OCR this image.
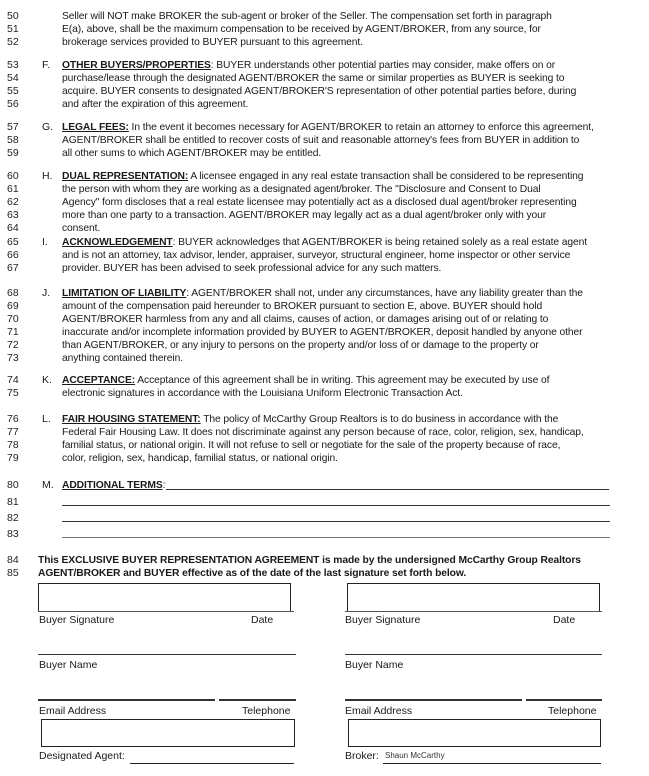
50	Seller will NOT make BROKER the sub-agent or broker of the Seller. The compensation set forth in paragraph
51	E(a), above, shall be the maximum compensation to be received by AGENT/BROKER, from any source, for
52	brokerage services provided to BUYER pursuant to this agreement.
53 F. OTHER BUYERS/PROPERTIES: BUYER understands other potential parties may consider, make offers on or
54	purchase/lease through the designated AGENT/BROKER the same or similar properties as BUYER is seeking to
55	acquire. BUYER consents to designated AGENT/BROKER'S representation of other potential parties before, during
56	and after the expiration of this agreement.
57 G. LEGAL FEES: In the event it becomes necessary for AGENT/BROKER to retain an attorney to enforce this agreement,
58	AGENT/BROKER shall be entitled to recover costs of suit and reasonable attorney's fees from BUYER in addition to
59	all other sums to which AGENT/BROKER may be entitled.
60 H. DUAL REPRESENTATION: A licensee engaged in any real estate transaction shall be considered to be representing
61	the person with whom they are working as a designated agent/broker. The "Disclosure and Consent to Dual
62	Agency" form discloses that a real estate licensee may potentially act as a disclosed dual agent/broker representing
63	more than one party to a transaction. AGENT/BROKER may legally act as a dual agent/broker only with your
64	consent.
65 I. ACKNOWLEDGEMENT: BUYER acknowledges that AGENT/BROKER is being retained solely as a real estate agent
66	and is not an attorney, tax advisor, lender, appraiser, surveyor, structural engineer, home inspector or other service
67	provider. BUYER has been advised to seek professional advice for any such matters.
68 J. LIMITATION OF LIABILITY: AGENT/BROKER shall not, under any circumstances, have any liability greater than the
69	amount of the compensation paid hereunder to BROKER pursuant to section E, above. BUYER should hold
70	AGENT/BROKER harmless from any and all claims, causes of action, or damages arising out of or relating to
71	inaccurate and/or incomplete information provided by BUYER to AGENT/BROKER, deposit handled by anyone other
72	than AGENT/BROKER, or any injury to persons on the property and/or loss of or damage to the property or
73	anything contained therein.
74 K. ACCEPTANCE: Acceptance of this agreement shall be in writing. This agreement may be executed by use of
75	electronic signatures in accordance with the Louisiana Uniform Electronic Transaction Act.
76 L. FAIR HOUSING STATEMENT: The policy of McCarthy Group Realtors is to do business in accordance with the
77	Federal Fair Housing Law. It does not discriminate against any person because of race, color, religion, sex, handicap,
78	familial status, or national origin. It will not refuse to sell or negotiate for the sale of the property because of race,
79	color, religion, sex, handicap, familial status, or national origin.
80
81
82
83
M. ADDITIONAL TERMS:
84
85
This EXCLUSIVE BUYER REPRESENTATION AGREEMENT is made by the undersigned McCarthy Group Realtors
AGENT/BROKER and BUYER effective as of the date of the last signature set forth below.
Buyer Signature	Date
Buyer Name
Email Address	Telephone
Designated Agent:
Buyer Signature	Date
Buyer Name
Email Address	Telephone
Broker: Shaun McCarthy
